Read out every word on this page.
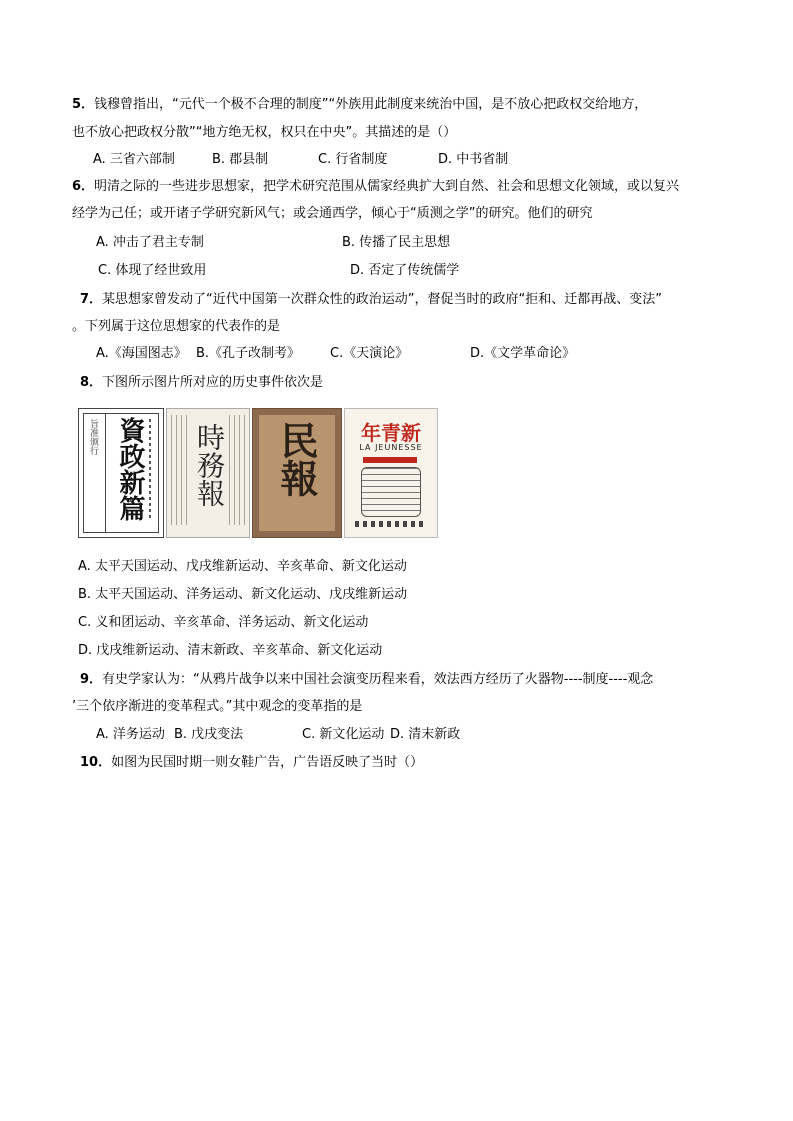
5．钱穆曾指出，“元代一个极不合理的制度”“外族用此制度来统治中国，是不放心把政权交给地方，
也不放心把政权分散”“地方绝无权，权只在中央”。其描述的是（）
A. 三省六部制	B. 郡县制	C. 行省制度	D. 中书省制
6．明清之际的一些进步思想家，把学术研究范围从儒家经典扩大到自然、社会和思想文化领域，或以复兴
经学为己任；或开诸子学研究新风气；或会通西学，倾心于“质测之学”的研究。他们的研究
A. 冲击了君主专制	B. 传播了民主思想
C. 体现了经世致用	D. 否定了传统儒学
7．某思想家曾发动了“近代中国第一次群众性的政治运动”，督促当时的政府“拒和、迁都再战、变法”
。下列属于这位思想家的代表作的是
A.《海国图志》 B.《孔子改制考》 C.《天演论》	D.《文学革命论》
8．下图所示图片所对应的历史事件依次是
旨准颁行 資政新篇 時務報 民報	新青年
LA JEUNESSE
A. 太平天国运动、戊戌维新运动、辛亥革命、新文化运动
B. 太平天国运动、洋务运动、新文化运动、戊戌维新运动
C. 义和团运动、辛亥革命、洋务运动、新文化运动
D. 戊戌维新运动、清末新政、辛亥革命、新文化运动
9．有史学家认为：“从鸦片战争以来中国社会演变历程来看，效法西方经历了火器物----制度----观念
’三个依序渐进的变革程式。”其中观念的变革指的是
A. 洋务运动 B. 戊戌变法	C. 新文化运动 D. 清末新政
10．如图为民国时期一则女鞋广告，广告语反映了当时（）
